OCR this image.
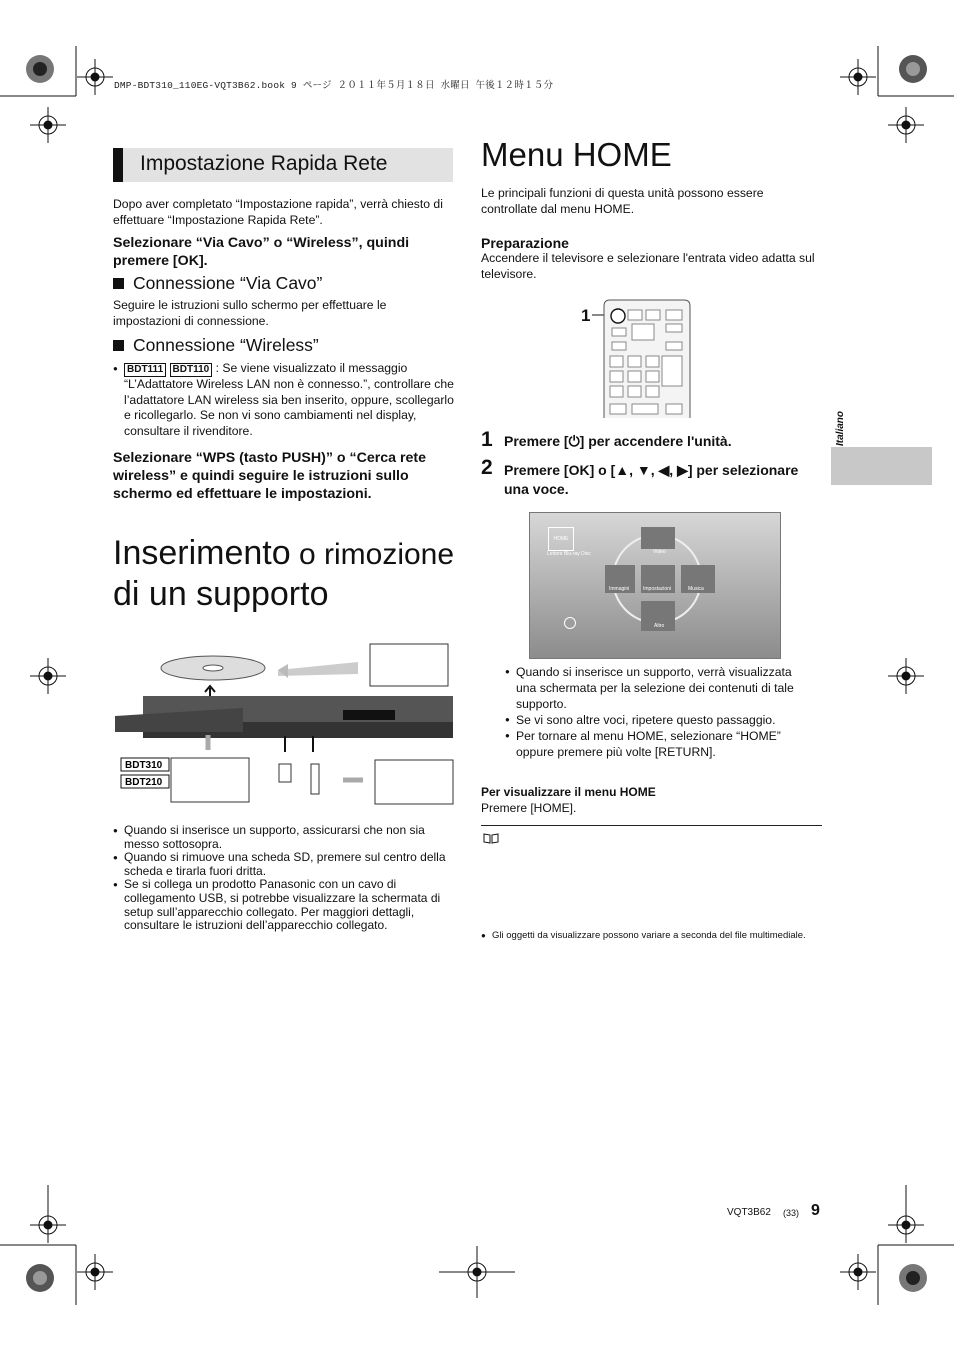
DMP-BDT310_110EG-VQT3B62.book 9 ページ ２０１１年５月１８日 水曜日 午後１２時１５分
Impostazione Rapida Rete
Dopo aver completato “Impostazione rapida”, verrà chiesto di effettuare “Impostazione Rapida Rete”.
Selezionare “Via Cavo” o “Wireless”, quindi premere [OK].
Connessione “Via Cavo”
Seguire le istruzioni sullo schermo per effettuare le impostazioni di connessione.
Connessione “Wireless”
● BDT111 BDT110 : Se viene visualizzato il messaggio “L’Adattatore Wireless LAN non è connesso.”, controllare che l’adattatore LAN wireless sia ben inserito, oppure, scollegarlo e ricollegarlo. Se non vi sono cambiamenti nel display, consultare il rivenditore.
Selezionare “WPS (tasto PUSH)” o “Cerca rete wireless” e quindi seguire le istruzioni sullo schermo ed effettuare le impostazioni.
Inserimento o rimozione
di un supporto
BDT310
BDT210
● Quando si inserisce un supporto, assicurarsi che non sia messo sottosopra.
● Quando si rimuove una scheda SD, premere sul centro della scheda e tirarla fuori dritta.
● Se si collega un prodotto Panasonic con un cavo di collegamento USB, si potrebbe visualizzare la schermata di setup sull’apparecchio collegato. Per maggiori dettagli, consultare le istruzioni dell’apparecchio collegato.
Menu HOME
Le principali funzioni di questa unità possono essere controllate dal menu HOME.
Preparazione
Accendere il televisore e selezionare l'entrata video adatta sul televisore.
1
1 Premere [⏻] per accendere l'unità.
2 Premere [OK] o [▲, ▼, ◀, ▶] per selezionare una voce.
HOME
Lettore Blu-ray Disc	Video
Immagini	Impostazioni	Musica
Altro
● Quando si inserisce un supporto, verrà visualizzata una schermata per la selezione dei contenuti di tale supporto.
● Se vi sono altre voci, ripetere questo passaggio.
● Per tornare al menu HOME, selezionare “HOME” oppure premere più volte [RETURN].
Per visualizzare il menu HOME
Premere [HOME].
● Gli oggetti da visualizzare possono variare a seconda del file multimediale.
Italiano
VQT3B62 (33) 9
